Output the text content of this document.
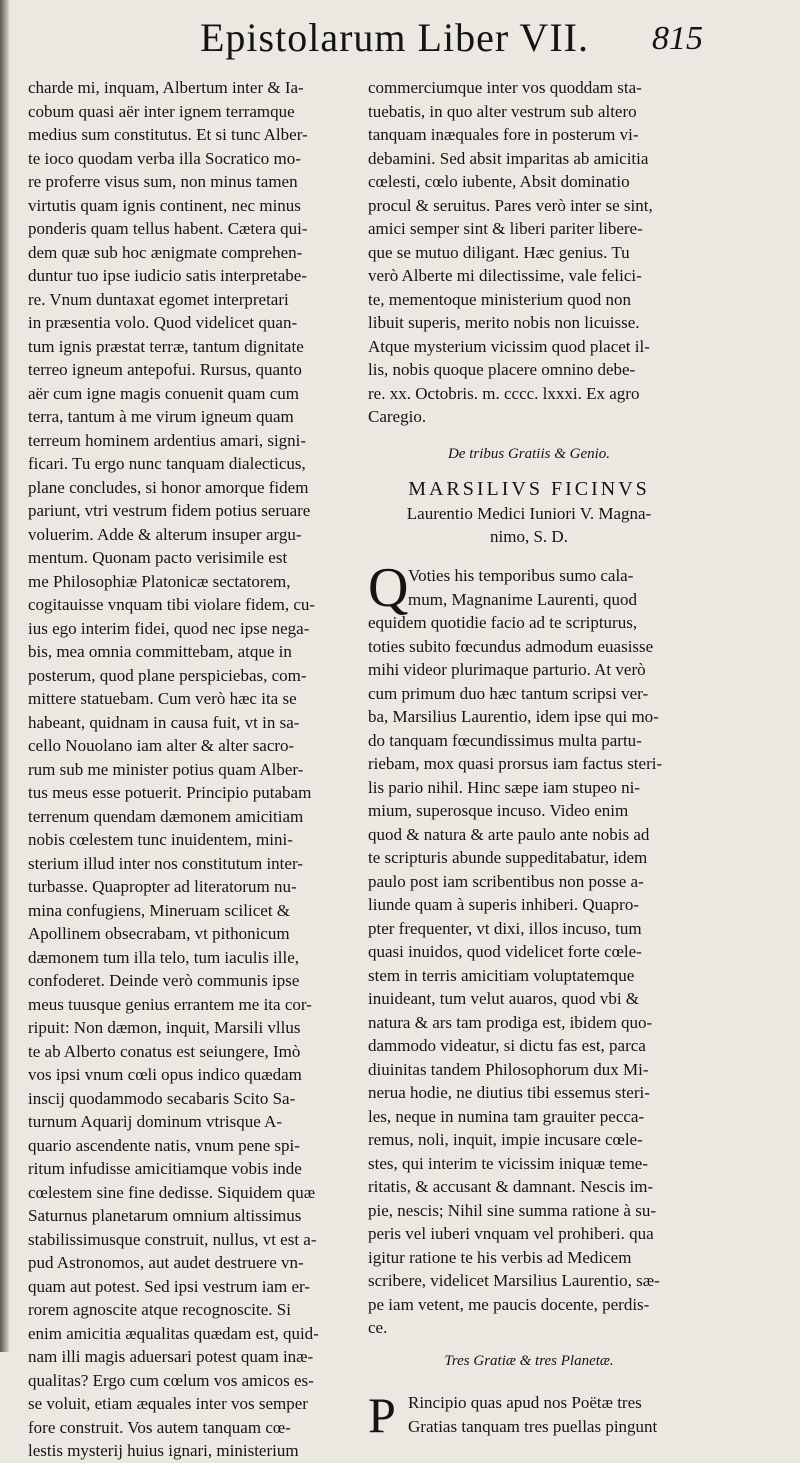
Epistolarum Liber VII.	815
charde mi, inquam, Albertum inter & Ia-
cobum quasi aër inter ignem terramque
medius sum constitutus. Et si tunc Alber-
te ioco quodam verba illa Socratico mo-
re proferre visus sum, non minus tamen
virtutis quam ignis continent, nec minus
ponderis quam tellus habent. Cætera qui-
dem quæ sub hoc ænigmate comprehen-
duntur tuo ipse iudicio satis interpretabe-
re. Vnum duntaxat egomet interpretari
in præsentia volo. Quod videlicet quan-
tum ignis præstat terræ, tantum dignitate
terreo igneum antepofui. Rursus, quanto
aër cum igne magis conuenit quam cum
terra, tantum à me virum igneum quam
terreum hominem ardentius amari, signi-
ficari. Tu ergo nunc tanquam dialecticus,
plane concludes, si honor amorque fidem
pariunt, vtri vestrum fidem potius seruare
voluerim. Adde & alterum insuper argu-
mentum. Quonam pacto verisimile est
me Philosophiæ Platonicæ sectatorem,
cogitauisse vnquam tibi violare fidem, cu-
ius ego interim fidei, quod nec ipse nega-
bis, mea omnia committebam, atque in
posterum, quod plane perspiciebas, com-
mittere statuebam. Cum verò hæc ita se
habeant, quidnam in causa fuit, vt in sa-
cello Nouolano iam alter & alter sacro-
rum sub me minister potius quam Alber-
tus meus esse potuerit. Principio putabam
terrenum quendam dæmonem amicitiam
nobis cœlestem tunc inuidentem, mini-
sterium illud inter nos constitutum inter-
turbasse. Quapropter ad literatorum nu-
mina confugiens, Mineruam scilicet &
Apollinem obsecrabam, vt pithonicum
dæmonem tum illa telo, tum iaculis ille,
confoderet. Deinde verò communis ipse
meus tuusque genius errantem me ita cor-
ripuit: Non dæmon, inquit, Marsili vllus
te ab Alberto conatus est seiungere, Imò
vos ipsi vnum cœli opus indico quædam
inscij quodammodo secabaris Scito Sa-
turnum Aquarij dominum vtrisque A-
quario ascendente natis, vnum pene spi-
ritum infudisse amicitiamque vobis inde
cœlestem sine fine dedisse. Siquidem quæ
Saturnus planetarum omnium altissimus
stabilissimusque construit, nullus, vt est a-
pud Astronomos, aut audet destruere vn-
quam aut potest. Sed ipsi vestrum iam er-
rorem agnoscite atque recognoscite. Si
enim amicitia æqualitas quædam est, quid-
nam illi magis aduersari potest quam inæ-
qualitas? Ergo cum cœlum vos amicos es-
se voluit, etiam æquales inter vos semper
fore construit. Vos autem tanquam cœ-
lestis mysterij huius ignari, ministerium
commerciumque inter vos quoddam sta-
tuebatis, in quo alter vestrum sub altero
tanquam inæquales fore in posterum vi-
debamini. Sed absit imparitas ab amicitia
cœlesti, cœlo iubente, Absit dominatio
procul & seruitus. Pares verò inter se sint,
amici semper sint & liberi pariter libere-
que se mutuo diligant. Hæc genius. Tu
verò Alberte mi dilectissime, vale felici-
te, mementoque ministerium quod non
libuit superis, merito nobis non licuisse.
Atque mysterium vicissim quod placet il-
lis, nobis quoque placere omnino debe-
re. xx. Octobris. m. cccc. lxxxi. Ex agro
Caregio.
De tribus Gratiis & Genio.
MARSILIVS FICINVS
Laurentio Medici Iuniori V. Magna-
nimo, S. D.
Q Voties his temporibus sumo cala-
mum, Magnanime Laurenti, quod
equidem quotidie facio ad te scripturus,
toties subito fœcundus admodum euasisse
mihi videor plurimaque parturio. At verò
cum primum duo hæc tantum scripsi ver-
ba, Marsilius Laurentio, idem ipse qui mo-
do tanquam fœcundissimus multa partu-
riebam, mox quasi prorsus iam factus steri-
lis pario nihil. Hinc sæpe iam stupeo ni-
mium, superosque incuso. Video enim
quod & natura & arte paulo ante nobis ad
te scripturis abunde suppeditabatur, idem
paulo post iam scribentibus non posse a-
liunde quam à superis inhiberi. Quapro-
pter frequenter, vt dixi, illos incuso, tum
quasi inuidos, quod videlicet forte cœle-
stem in terris amicitiam voluptatemque
inuideant, tum velut auaros, quod vbi &
natura & ars tam prodiga est, ibidem quo-
dammodo videatur, si dictu fas est, parca
diuinitas tandem Philosophorum dux Mi-
nerua hodie, ne diutius tibi essemus steri-
les, neque in numina tam grauiter pecca-
remus, noli, inquit, impie incusare cœle-
stes, qui interim te vicissim iniquæ teme-
ritatis, & accusant & damnant. Nescis im-
pie, nescis; Nihil sine summa ratione à su-
peris vel iuberi vnquam vel prohiberi. qua
igitur ratione te his verbis ad Medicem
scribere, videlicet Marsilius Laurentio, sæ-
pe iam vetent, me paucis docente, perdis-
ce.
Tres Gratiæ & tres Planetæ.
P Rincipio quas apud nos Poëtæ tres
Gratias tanquam tres puellas pingunt
